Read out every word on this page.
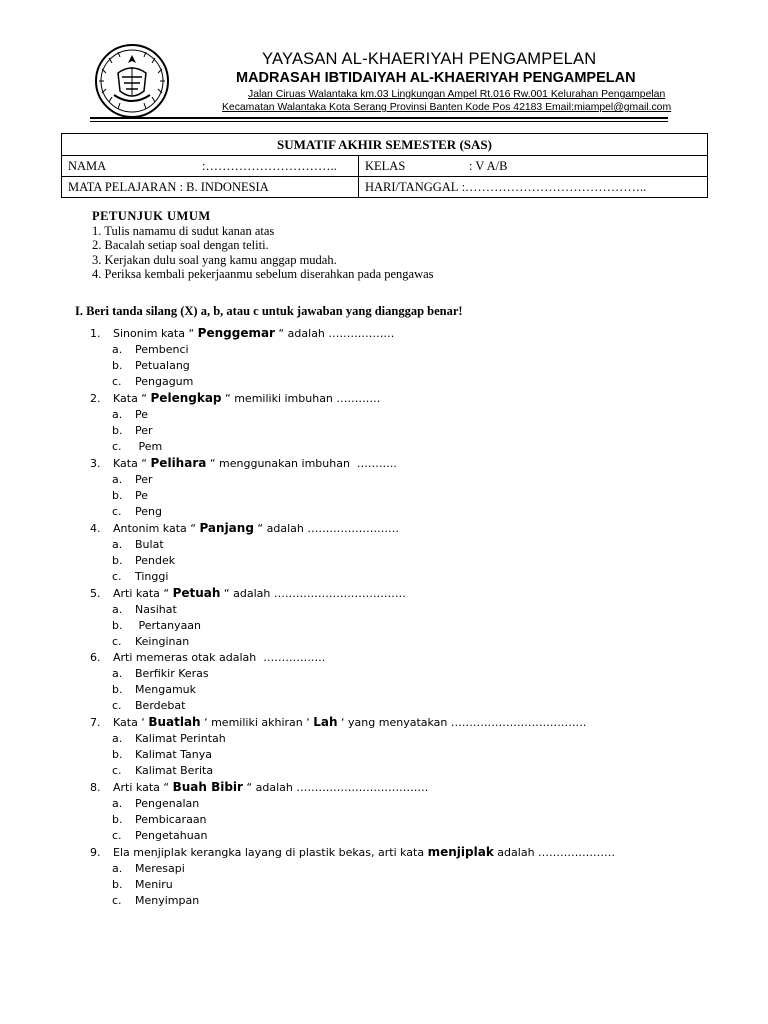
YAYASAN AL-KHAERIYAH PENGAMPELAN
MADRASAH IBTIDAIYAH AL-KHAERIYAH PENGAMPELAN
Jalan Ciruas Walantaka km.03 Lingkungan Ampel Rt.016 Rw.001 Kelurahan Pengampelan
Kecamatan Walantaka Kota Serang Provinsi Banten Kode Pos 42183 Email:miampel@gmail.com
SUMATIF AKHIR SEMESTER (SAS)	
NAMA :…………………………..	KELAS : V A/B
MATA PELAJARAN : B. INDONESIA	HARI/TANGGAL :……………………………………..
PETUNJUK UMUM
1. Tulis namamu di sudut kanan atas
2. Bacalah setiap soal dengan teliti.
3. Kerjakan dulu soal yang kamu anggap mudah.
4. Periksa kembali pekerjaanmu sebelum diserahkan pada pengawas
I. Beri tanda silang (X) a, b, atau c untuk jawaban yang dianggap benar!
1. Sinonim kata “ Penggemar “ adalah ………………
a. Pembenci
b. Petualang
c. Pengagum
2. Kata “ Pelengkap “ memiliki imbuhan …………
a. Pe
b. Per
c. Pem
3. Kata “ Pelihara “ menggunakan imbuhan  ………..
a. Per
b. Pe
c. Peng
4. Antonim kata “ Panjang “ adalah …………………….
a. Bulat
b. Pendek
c. Tinggi
5. Arti kata “ Petuah “ adalah ………………………………
a. Nasihat
b. Pertanyaan
c. Keinginan
6. Arti memeras otak adalah  ……………..
a. Berfikir Keras
b. Mengamuk
c. Berdebat
7. Kata ‘ Buatlah ‘ memiliki akhiran ‘ Lah ‘ yang menyatakan ……………………………….
a. Kalimat Perintah
b. Kalimat Tanya
c. Kalimat Berita
8. Arti kata “ Buah Bibir “ adalah ………………………………
a. Pengenalan
b. Pembicaraan
c. Pengetahuan
9. Ela menjiplak kerangka layang di plastik bekas, arti kata menjiplak adalah …………………
a. Meresapi
b. Meniru
c. Menyimpan
